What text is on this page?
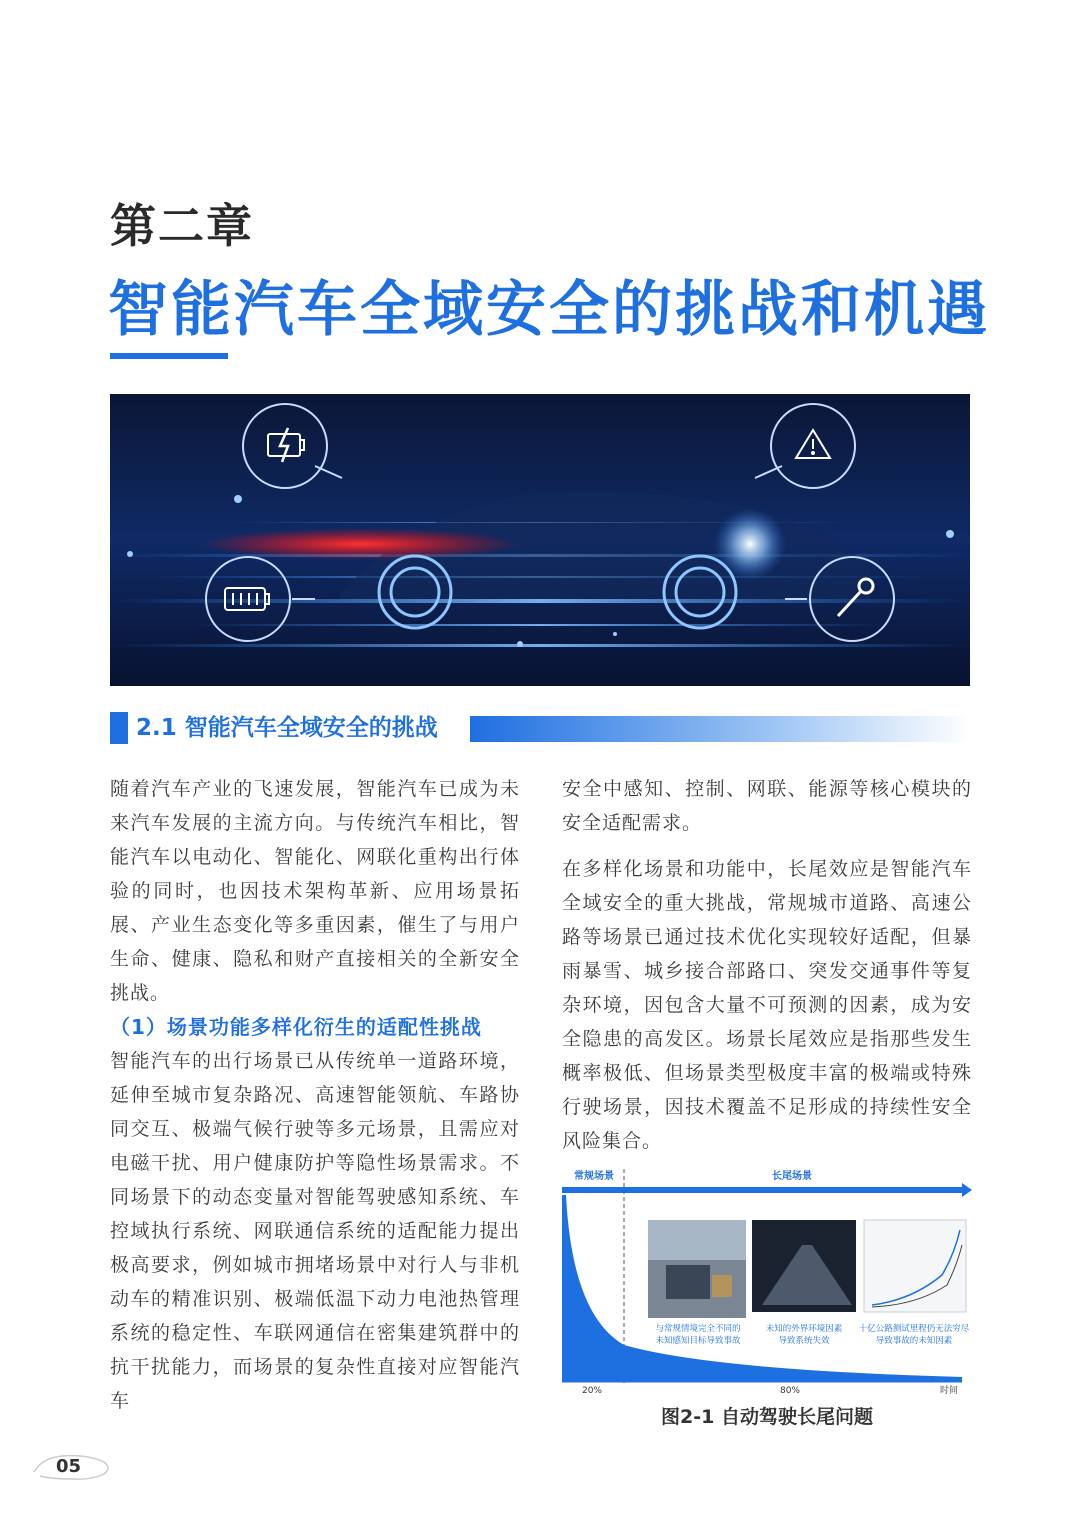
第二章
智能汽车全域安全的挑战和机遇
2.1 智能汽车全域安全的挑战

随着汽车产业的飞速发展，智能汽车已成为未来汽车发展的主流方向。与传统汽车相比，智能汽车以电动化、智能化、网联化重构出行体验的同时，也因技术架构革新、应用场景拓展、产业生态变化等多重因素，催生了与用户生命、健康、隐私和财产直接相关的全新安全挑战。

（1）场景功能多样化衍生的适配性挑战

智能汽车的出行场景已从传统单一道路环境，延伸至城市复杂路况、高速智能领航、车路协同交互、极端气候行驶等多元场景，且需应对电磁干扰、用户健康防护等隐性场景需求。不同场景下的动态变量对智能驾驶感知系统、车控域执行系统、网联通信系统的适配能力提出极高要求，例如城市拥堵场景中对行人与非机动车的精准识别、极端低温下动力电池热管理系统的稳定性、车联网通信在密集建筑群中的抗干扰能力，而场景的复杂性直接对应智能汽车

安全中感知、控制、网联、能源等核心模块的安全适配需求。

在多样化场景和功能中，长尾效应是智能汽车全域安全的重大挑战，常规城市道路、高速公路等场景已通过技术优化实现较好适配，但暴雨暴雪、城乡接合部路口、突发交通事件等复杂环境，因包含大量不可预测的因素，成为安全隐患的高发区。场景长尾效应是指那些发生概率极低、但场景类型极度丰富的极端或特殊行驶场景，因技术覆盖不足形成的持续性安全风险集合。

常规场景	长尾场景
20%	80%	时间
与常规情境完全不同的
未知感知目标导致事故
未知的外界环境因素
导致系统失效
十亿公路测试里程仍无法穷尽
导致事故的未知因素
图2-1 自动驾驶长尾问题
05
